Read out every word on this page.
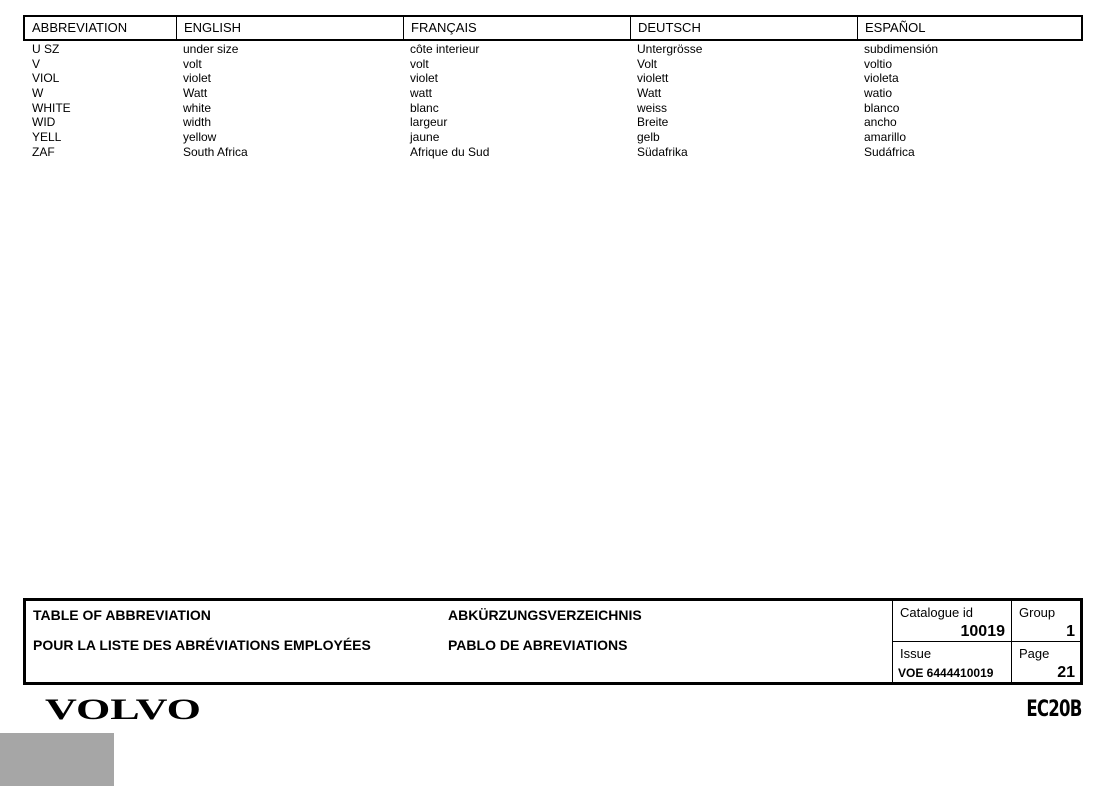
ABBREVIATION	ENGLISH	FRANÇAIS	DEUTSCH	ESPAÑOL
U SZ	under size	côte interieur	Untergrösse	subdimensión
V	volt	volt	Volt	voltio
VIOL	violet	violet	violett	violeta
W	Watt	watt	Watt	watio
WHITE	white	blanc	weiss	blanco
WID	width	largeur	Breite	ancho
YELL	yellow	jaune	gelb	amarillo
ZAF	South Africa	Afrique du Sud	Südafrika	Sudáfrica
TABLE OF ABBREVIATION
POUR LA LISTE DES ABRÉVIATIONS EMPLOYÉES
ABKÜRZUNGSVERZEICHNIS
PABLO DE ABREVIATIONS
Catalogue id
10019
Group
1
Issue
VOE 6444410019
Page
21
VOLVO	EC20B
